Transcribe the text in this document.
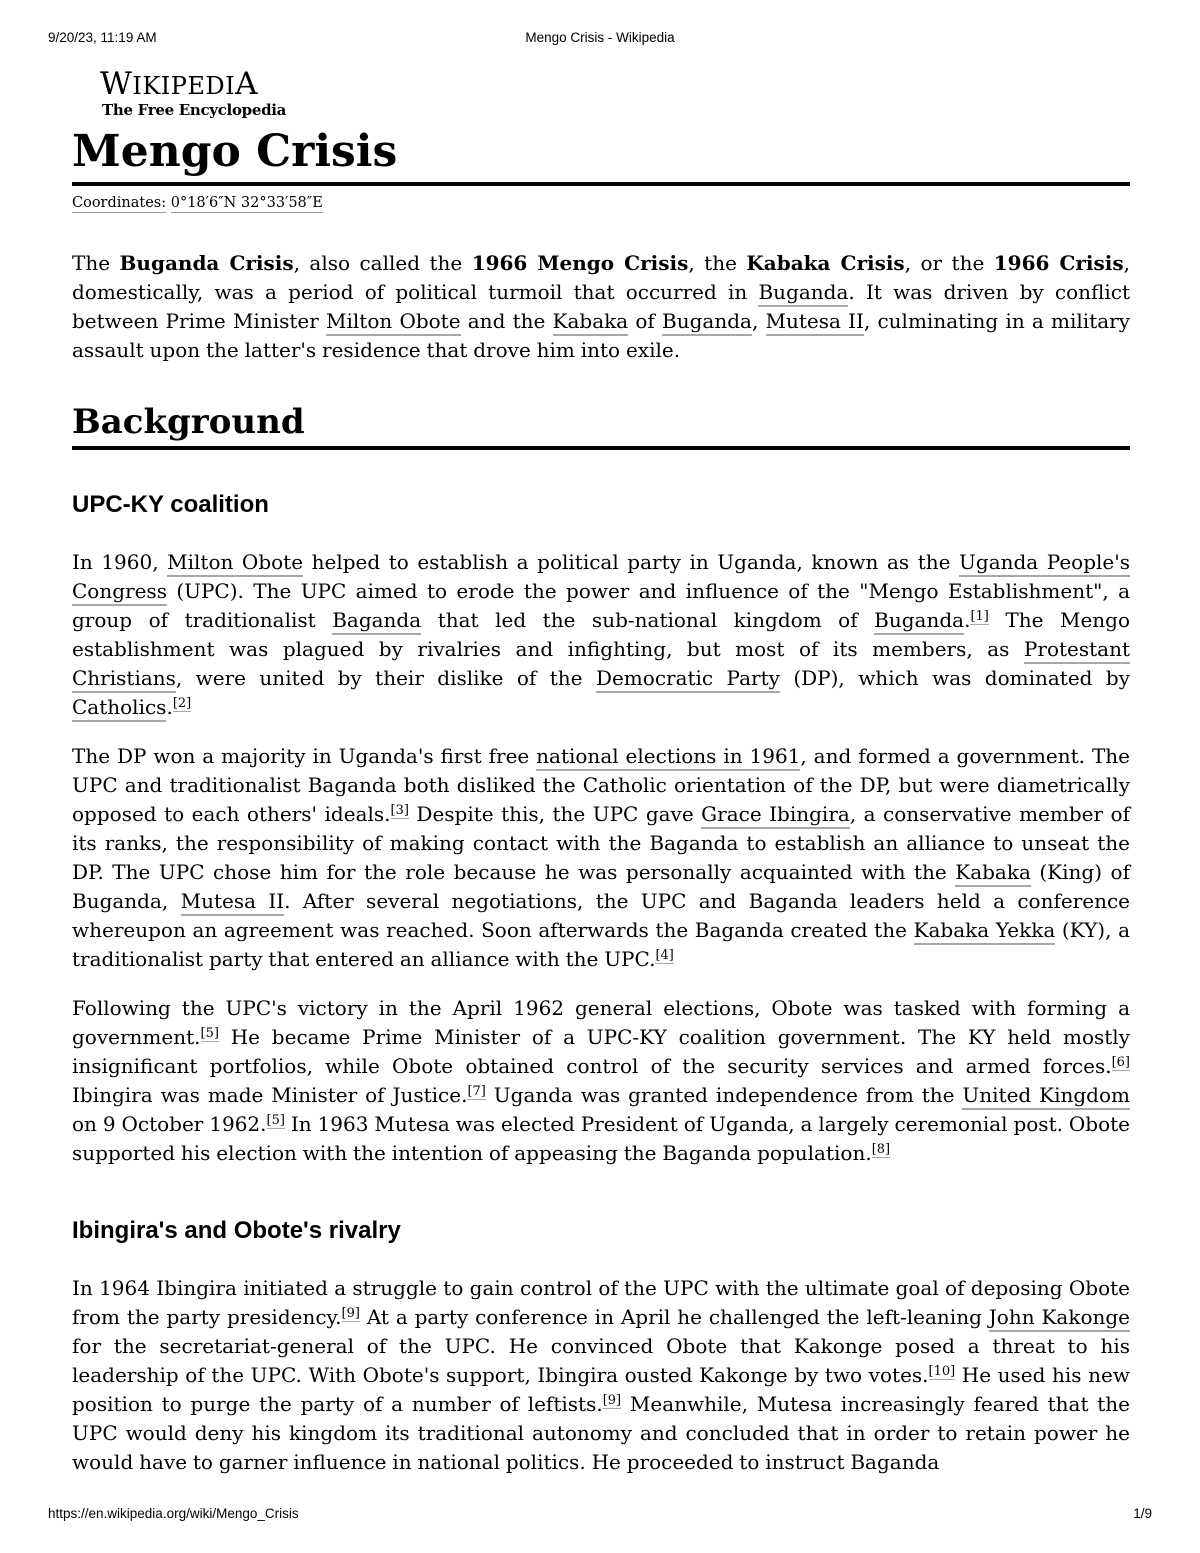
9/20/23, 11:19 AM	Mengo Crisis - Wikipedia
WIKIPEDIA
The Free Encyclopedia
Mengo Crisis
Coordinates: 0°18′6″N 32°33′58″E

The Buganda Crisis, also called the 1966 Mengo Crisis, the Kabaka Crisis, or the 1966 Crisis, domestically, was a period of political turmoil that occurred in Buganda. It was driven by conflict between Prime Minister Milton Obote and the Kabaka of Buganda, Mutesa II, culminating in a military assault upon the latter's residence that drove him into exile.

Background
UPC-KY coalition

In 1960, Milton Obote helped to establish a political party in Uganda, known as the Uganda People's Congress (UPC). The UPC aimed to erode the power and influence of the "Mengo Establishment", a group of traditionalist Baganda that led the sub-national kingdom of Buganda.[1] The Mengo establishment was plagued by rivalries and infighting, but most of its members, as Protestant Christians, were united by their dislike of the Democratic Party (DP), which was dominated by Catholics.[2]

The DP won a majority in Uganda's first free national elections in 1961, and formed a government. The UPC and traditionalist Baganda both disliked the Catholic orientation of the DP, but were diametrically opposed to each others' ideals.[3] Despite this, the UPC gave Grace Ibingira, a conservative member of its ranks, the responsibility of making contact with the Baganda to establish an alliance to unseat the DP. The UPC chose him for the role because he was personally acquainted with the Kabaka (King) of Buganda, Mutesa II. After several negotiations, the UPC and Baganda leaders held a conference whereupon an agreement was reached. Soon afterwards the Baganda created the Kabaka Yekka (KY), a traditionalist party that entered an alliance with the UPC.[4]

Following the UPC's victory in the April 1962 general elections, Obote was tasked with forming a government.[5] He became Prime Minister of a UPC-KY coalition government. The KY held mostly insignificant portfolios, while Obote obtained control of the security services and armed forces.[6] Ibingira was made Minister of Justice.[7] Uganda was granted independence from the United Kingdom on 9 October 1962.[5] In 1963 Mutesa was elected President of Uganda, a largely ceremonial post. Obote supported his election with the intention of appeasing the Baganda population.[8]

Ibingira's and Obote's rivalry

In 1964 Ibingira initiated a struggle to gain control of the UPC with the ultimate goal of deposing Obote from the party presidency.[9] At a party conference in April he challenged the left-leaning John Kakonge for the secretariat-general of the UPC. He convinced Obote that Kakonge posed a threat to his leadership of the UPC. With Obote's support, Ibingira ousted Kakonge by two votes.[10] He used his new position to purge the party of a number of leftists.[9] Meanwhile, Mutesa increasingly feared that the UPC would deny his kingdom its traditional autonomy and concluded that in order to retain power he would have to garner influence in national politics. He proceeded to instruct Baganda

https://en.wikipedia.org/wiki/Mengo_Crisis	1/9
